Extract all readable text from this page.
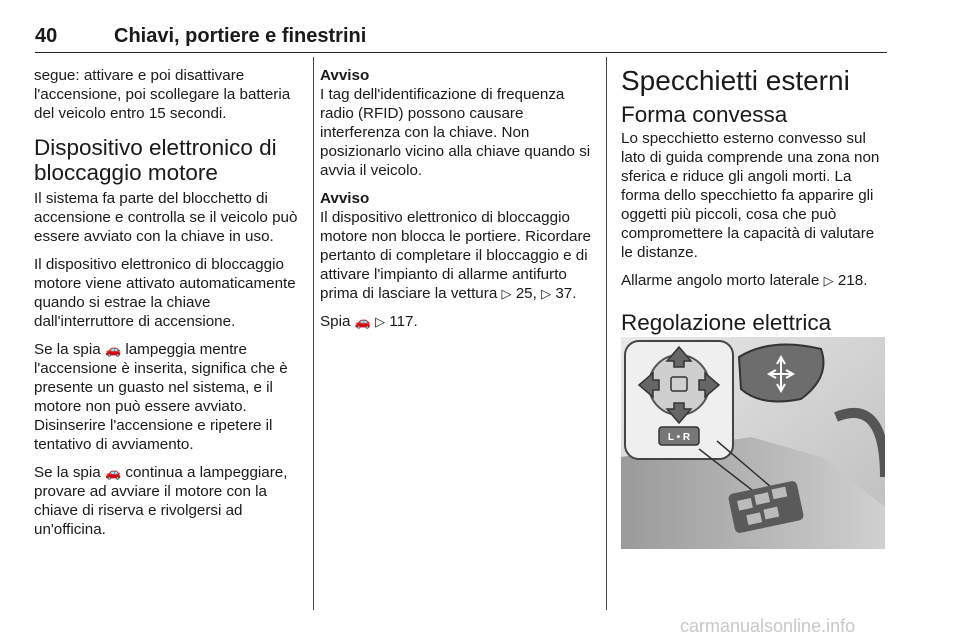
40	Chiavi, portiere e finestrini

segue: attivare e poi disattivare l'accensione, poi scollegare la batteria del veicolo entro 15 secondi.

Dispositivo elettronico di bloccaggio motore

Il sistema fa parte del blocchetto di accensione e controlla se il veicolo può essere avviato con la chiave in uso.

Il dispositivo elettronico di bloccaggio motore viene attivato automaticamente quando si estrae la chiave dall'interruttore di accensione.

Se la spia 🚗 lampeggia mentre l'accensione è inserita, significa che è presente un guasto nel sistema, e il motore non può essere avviato. Disinserire l'accensione e ripetere il tentativo di avviamento.

Se la spia 🚗 continua a lampeggiare, provare ad avviare il motore con la chiave di riserva e rivolgersi ad un'officina.

Avviso
I tag dell'identificazione di frequenza radio (RFID) possono causare interferenza con la chiave. Non posizionarlo vicino alla chiave quando si avvia il veicolo.

Avviso
Il dispositivo elettronico di bloccaggio motore non blocca le portiere. Ricordare pertanto di completare il bloccaggio e di attivare l'impianto di allarme antifurto prima di lasciare la vettura ▷ 25, ▷ 37.

Spia 🚗 ▷ 117.

Specchietti esterni
Forma convessa

Lo specchietto esterno convesso sul lato di guida comprende una zona non sferica e riduce gli angoli morti. La forma dello specchietto fa apparire gli oggetti più piccoli, cosa che può compromettere la capacità di valutare le distanze.

Allarme angolo morto laterale ▷ 218.

Regolazione elettrica
L • R
carmanualsonline.info
